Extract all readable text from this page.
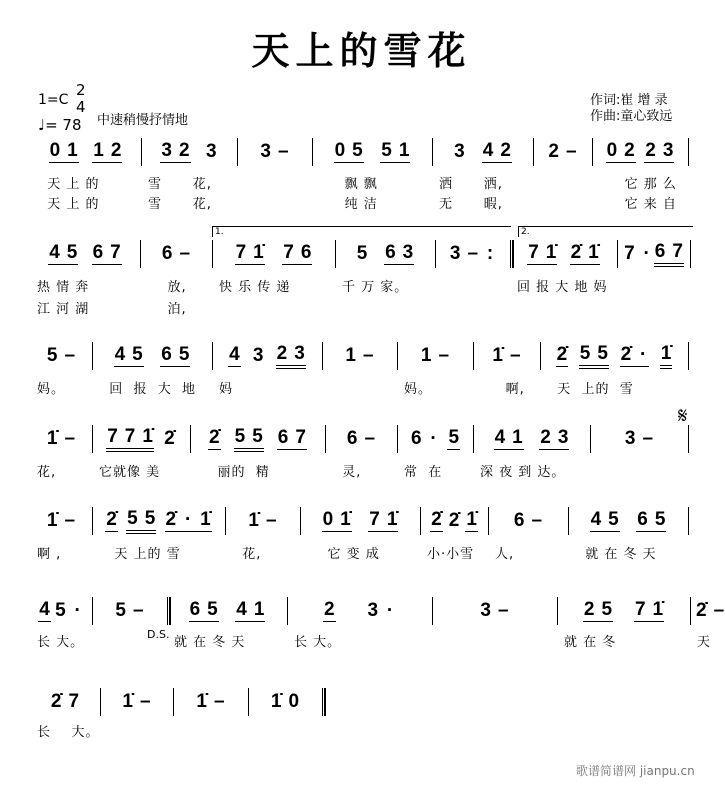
天上的雪花
1=C
2
4
♩= 78 中速稍慢抒情地
作词:崔 增 录
作曲:童心致远
1.	2.
𝄋
D.S.
歌谱简谱网 jianpu.cn
0 1 1 2
天 上 的
天 上 的
3 2 3
雪      花,
雪      花,
3 – 0 5 5 1
飘 飘
纯 洁
3 4 2
洒      洒,
无      暇,
2 – 0 2 2 3
它 那 么
它 来 自
4 5 6 7
热 情 奔
江 河 湖
6 –
放,
泊,
7 1̇ 7 6
快 乐 传 递
5 6 3
千 万 家。
3 – : 7 1̇ 2̇ 1̇
回 报 大 地 妈
7 · 6 7
5 –
妈。
4 5 6 5
回  报  大  地
4 3 2 3
妈
1 – 1 –
妈。
1̇ –
啊,
2̇ 5 5 2̇ · 1̇
天  上的  雪
1̇ –
花,
7 7 1̇ 2̇
它就像 美
2̇ 5 5 6 7
丽的  精
6 –
灵,
6 · 5
常  在
4 1 2 3
深 夜 到 达。
3 –
1̇ –
啊 ,
2̇ 5 5 2̇ · 1̇
天 上的 雪
1̇ –
花,
0 1̇ 7 1̇
它 变 成
2̇ 2̇ 1̇
小·小雪
6 –
人,
4 5 6 5
就 在 冬 天
4 5 ·
长 大。
5 – 6 5 4 1
就 在 冬 天
2 3 ·
长 大。
3 –	2 5 7 1̇
就 在 冬
2̇ –
天
2̇ 7
长    大。
1̇ – 1̇ – 1̇ 0
